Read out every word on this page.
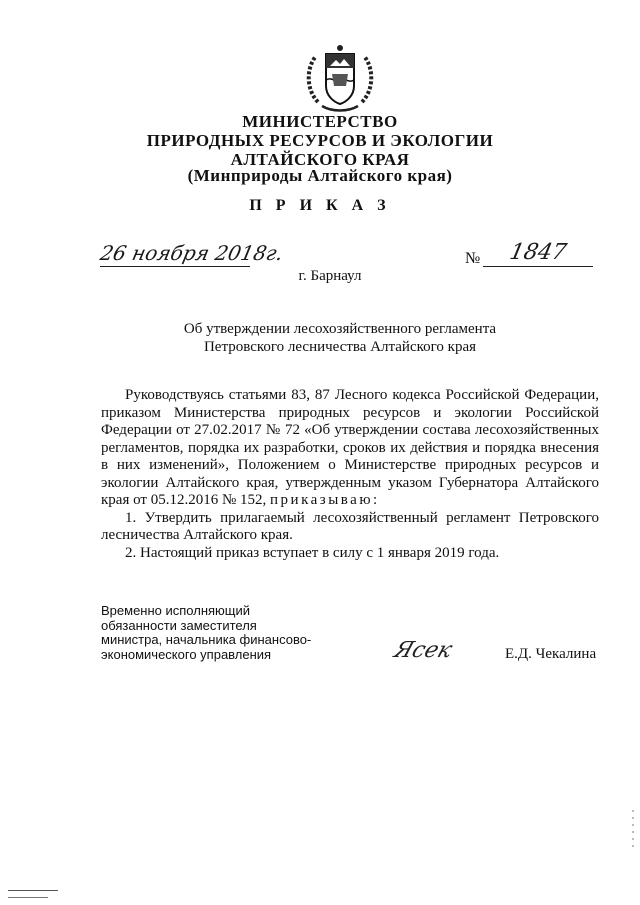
МИНИСТЕРСТВО
ПРИРОДНЫХ РЕСУРСОВ И ЭКОЛОГИИ
АЛТАЙСКОГО КРАЯ
(Минприроды Алтайского края)
П Р И К А З
26 ноября 2018г.	№ 1847
г. Барнаул
Об утверждении лесохозяйственного регламента
Петровского лесничества Алтайского края

Руководствуясь статьями 83, 87 Лесного кодекса Российской Федерации, приказом Министерства природных ресурсов и экологии Российской Федерации от 27.02.2017 № 72 «Об утверждении состава лесохозяйственных регламентов, порядка их разработки, сроков их действия и порядка внесения в них изменений», Положением о Министерстве природных ресурсов и экологии Алтайского края, утвержденным указом Губернатора Алтайского края от 05.12.2016 № 152, приказываю:

1. Утвердить прилагаемый лесохозяйственный регламент Петровского лесничества Алтайского края.

2. Настоящий приказ вступает в силу с 1 января 2019 года.

Временно исполняющий
обязанности заместителя
министра, начальника финансово-
экономического управления	Ясек	Е.Д. Чекалина
